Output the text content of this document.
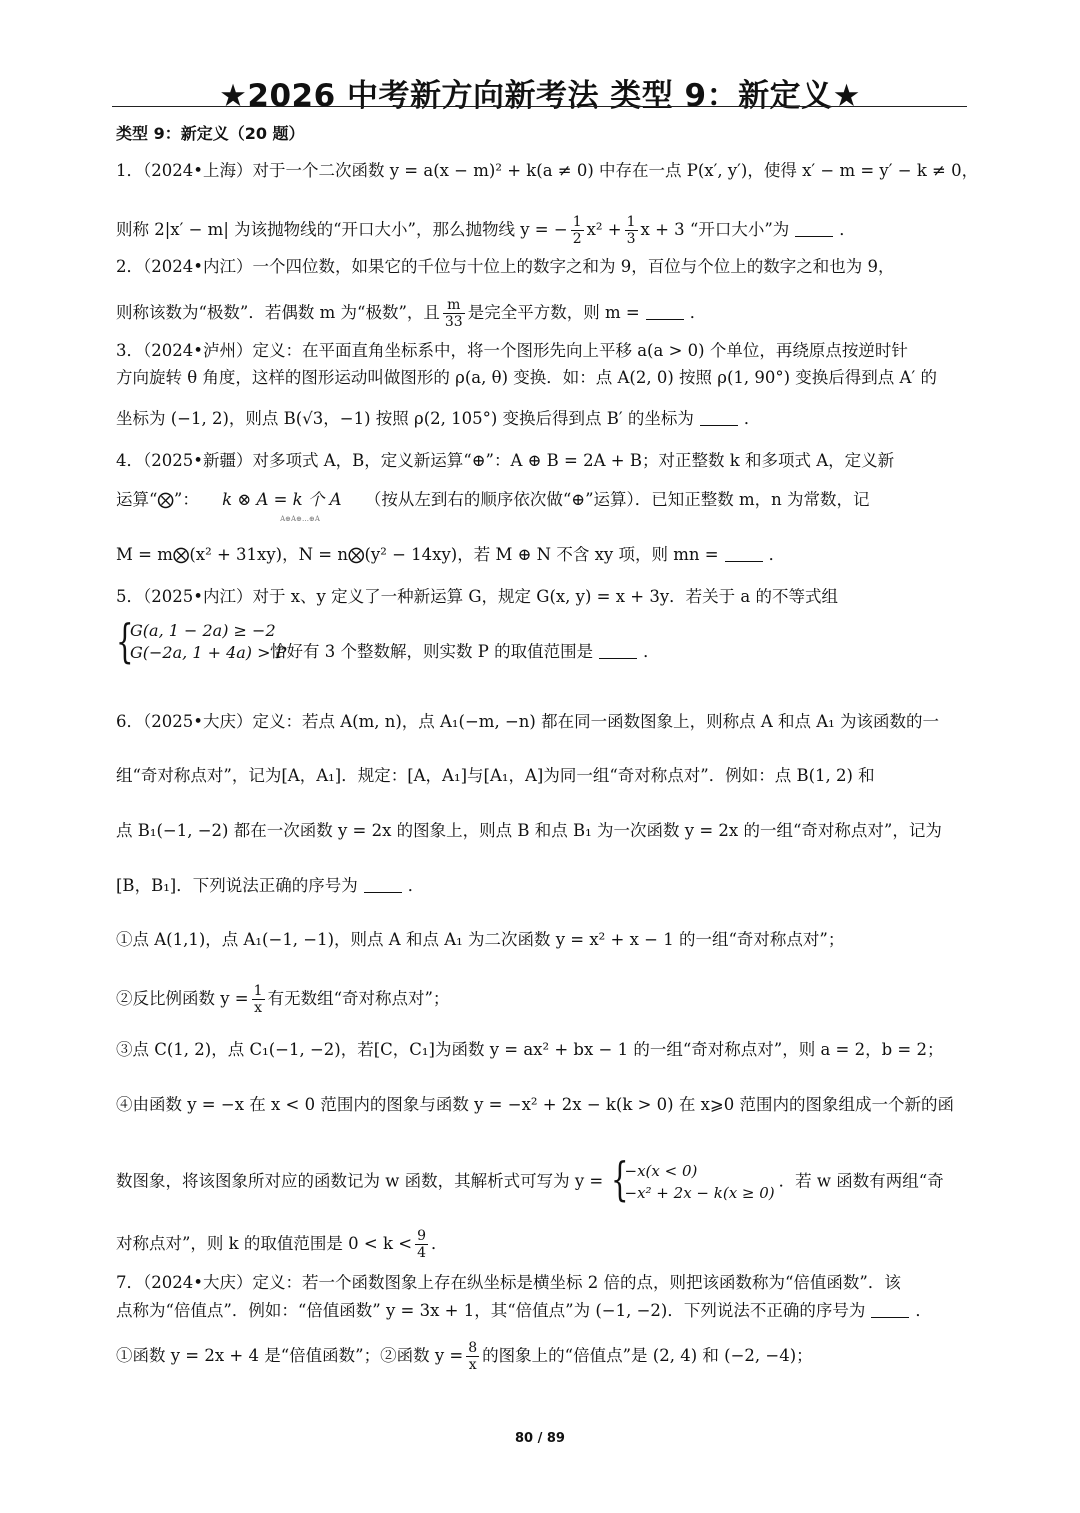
★2026 中考新方向新考法 类型 9：新定义★
类型 9：新定义（20 题）
1．（2024•上海）对于一个二次函数 y = a(x − m)² + k(a ≠ 0) 中存在一点 P(x′, y′)，使得 x′ − m = y′ − k ≠ 0，
则称 2|x′ − m| 为该抛物线的“开口大小”，那么抛物线 y = − $\frac{1}{2} x^2 + \frac{1}{3}$ x + 3 “开口大小”为	．
2．（2024•内江）一个四位数，如果它的千位与十位上的数字之和为 9，百位与个位上的数字之和也为 9，
则称该数为“极数”．若偶数 m 为“极数”，且 $\frac{m}{33}$ 是完全平方数，则 m =	．
3．（2024•泸州）定义：在平面直角坐标系中，将一个图形先向上平移 a(a > 0) 个单位，再绕原点按逆时针
方向旋转 θ 角度，这样的图形运动叫做图形的 ρ(a, θ) 变换．如：点 A(2, 0) 按照 ρ(1, 90°) 变换后得到点 A′ 的
坐标为 (−1, 2)，则点 B(√3，−1) 按照 ρ(2, 105°) 变换后得到点 B′ 的坐标为	．
4．（2025•新疆）对多项式 A，B，定义新运算“⊕”：A ⊕ B = 2A + B；对正整数 k 和多项式 A，定义新
运算“⨂”： k ⊗ A = k 个 A
A⊕A⊕…⊕A
（按从左到右的顺序依次做“⊕”运算）．已知正整数 m，n 为常数，记
M = m⨂(x² + 31xy)，N = n⨂(y² − 14xy)，若 M ⊕ N 不含 xy 项，则 mn =	．
5．（2025•内江）对于 x、y 定义了一种新运算 G，规定 G(x, y) = x + 3y．若关于 a 的不等式组
{
G(a, 1 − 2a) ≥ −2
G(−2a, 1 + 4a) > P
恰好有 3 个整数解，则实数 P 的取值范围是	．
6．（2025•大庆）定义：若点 A(m, n)，点 A₁(−m, −n) 都在同一函数图象上，则称点 A 和点 A₁ 为该函数的一
组“奇对称点对”，记为[A，A₁]．规定：[A，A₁]与[A₁，A]为同一组“奇对称点对”．例如：点 B(1, 2) 和
点 B₁(−1, −2) 都在一次函数 y = 2x 的图象上，则点 B 和点 B₁ 为一次函数 y = 2x 的一组“奇对称点对”，记为
[B，B₁]．下列说法正确的序号为	．
①点 A(1,1)，点 A₁(−1, −1)，则点 A 和点 A₁ 为二次函数 y = x² + x − 1 的一组“奇对称点对”；
②反比例函数 $y = \frac{1}{x}$ 有无数组“奇对称点对”；
③点 C(1, 2)，点 C₁(−1, −2)，若[C，C₁]为函数 y = ax² + bx − 1 的一组“奇对称点对”，则 a = 2，b = 2；
④由函数 y = −x 在 x < 0 范围内的图象与函数 y = −x² + 2x − k(k > 0) 在 x⩾0 范围内的图象组成一个新的函
数图象，将该图象所对应的函数记为 w 函数，其解析式可写为 y = {
−x(x < 0)
−x² + 2x − k(x ≥ 0)
．若 w 函数有两组“奇
对称点对”，则 k 的取值范围是 $0 < k < \frac{9}{4}$ ．
7．（2024•大庆）定义：若一个函数图象上存在纵坐标是横坐标 2 倍的点，则把该函数称为“倍值函数”．该
点称为“倍值点”．例如：“倍值函数” y = 3x + 1，其“倍值点”为 (−1, −2)．下列说法不正确的序号为	．
①函数 y = 2x + 4 是“倍值函数”；②函数 $y = \frac{8}{x}$ 的图象上的“倍值点”是 (2, 4) 和 (−2, −4)；
80 / 89
